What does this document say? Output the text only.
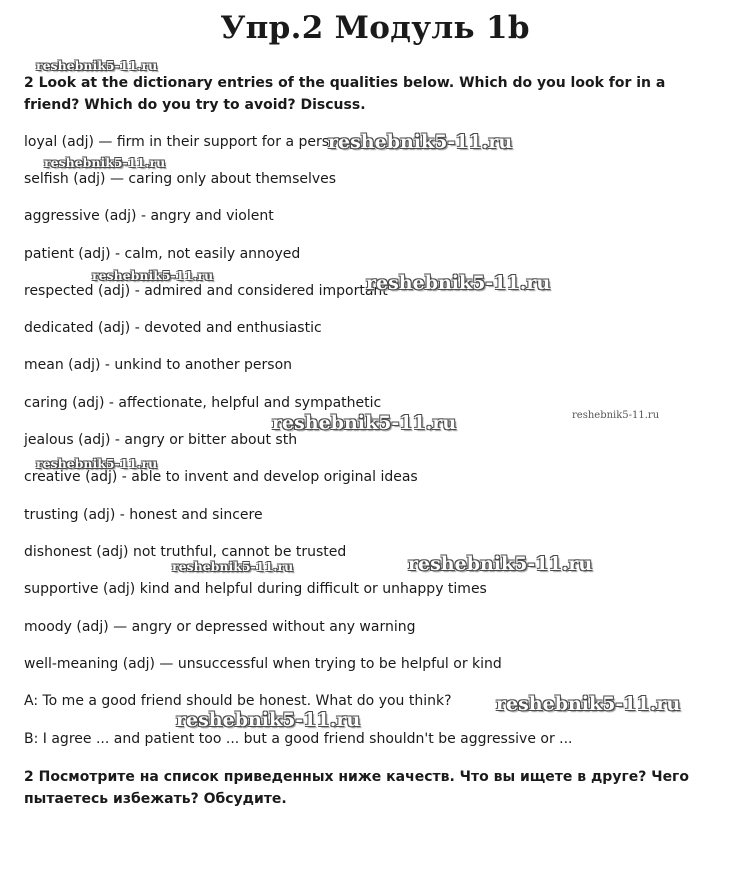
Упр.2 Модуль 1b
2 Look at the dictionary entries of the qualities below. Which do you look for in a friend? Which do you try to avoid? Discuss.
loyal (adj) — firm in their support for a person
selfish (adj) — caring only about themselves
aggressive (adj) - angry and violent
patient (adj) - calm, not easily annoyed
respected (adj) - admired and considered important
dedicated (adj) - devoted and enthusiastic
mean (adj) - unkind to another person
caring (adj) - affectionate, helpful and sympathetic
jealous (adj) - angry or bitter about sth
creative (adj) - able to invent and develop original ideas
trusting (adj) - honest and sincere
dishonest (adj) not truthful, cannot be trusted
supportive (adj) kind and helpful during difficult or unhappy times
moody (adj) — angry or depressed without any warning
well-meaning (adj) — unsuccessful when trying to be helpful or kind
A: To me a good friend should be honest. What do you think?
B: I agree ... and patient too ... but a good friend shouldn't be aggressive or ...
2 Посмотрите на список приведенных ниже качеств. Что вы ищете в друге? Чего пытаетесь избежать? Обсудите.
reshebnik5-11.ru
reshebnik5-11.ru
reshebnik5-11.ru
reshebnik5-11.ru	reshebnik5-11.ru
reshebnik5-11.ru
reshebnik5-11.ru
reshebnik5-11.ru
reshebnik5-11.ru
reshebnik5-11.ru
reshebnik5-11.ru
reshebnik5-11.ru
